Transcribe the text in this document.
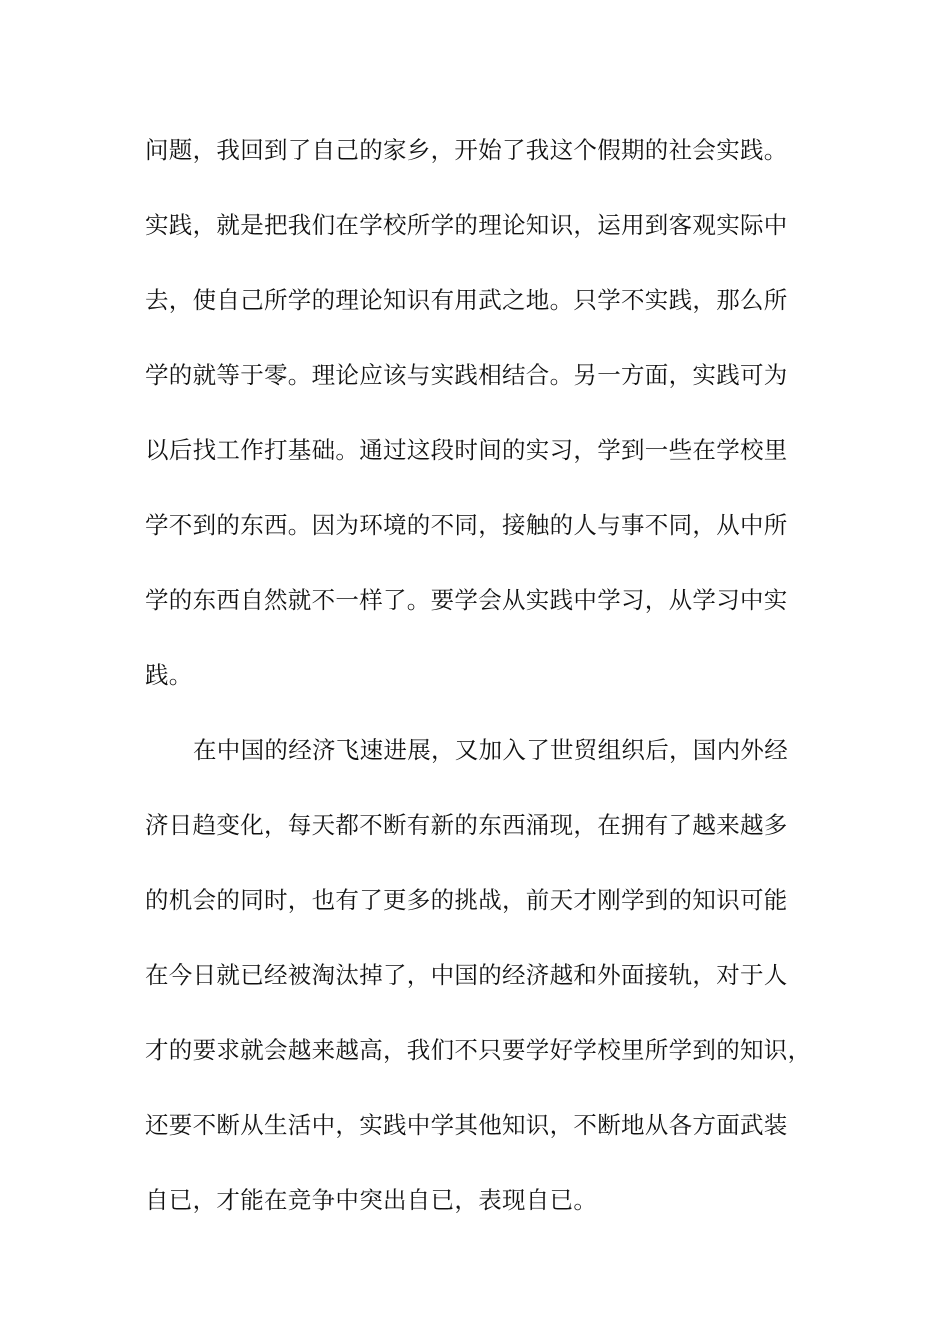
问题，我回到了自己的家乡，开始了我这个假期的社会实践。
实践，就是把我们在学校所学的理论知识，运用到客观实际中
去，使自己所学的理论知识有用武之地。只学不实践，那么所
学的就等于零。理论应该与实践相结合。另一方面，实践可为
以后找工作打基础。通过这段时间的实习，学到一些在学校里
学不到的东西。因为环境的不同，接触的人与事不同，从中所
学的东西自然就不一样了。要学会从实践中学习，从学习中实
践。
在中国的经济飞速进展，又加入了世贸组织后，国内外经
济日趋变化，每天都不断有新的东西涌现，在拥有了越来越多
的机会的同时，也有了更多的挑战，前天才刚学到的知识可能
在今日就已经被淘汰掉了，中国的经济越和外面接轨，对于人
才的要求就会越来越高，我们不只要学好学校里所学到的知识，
还要不断从生活中，实践中学其他知识，不断地从各方面武装
自已，才能在竞争中突出自已，表现自已。
